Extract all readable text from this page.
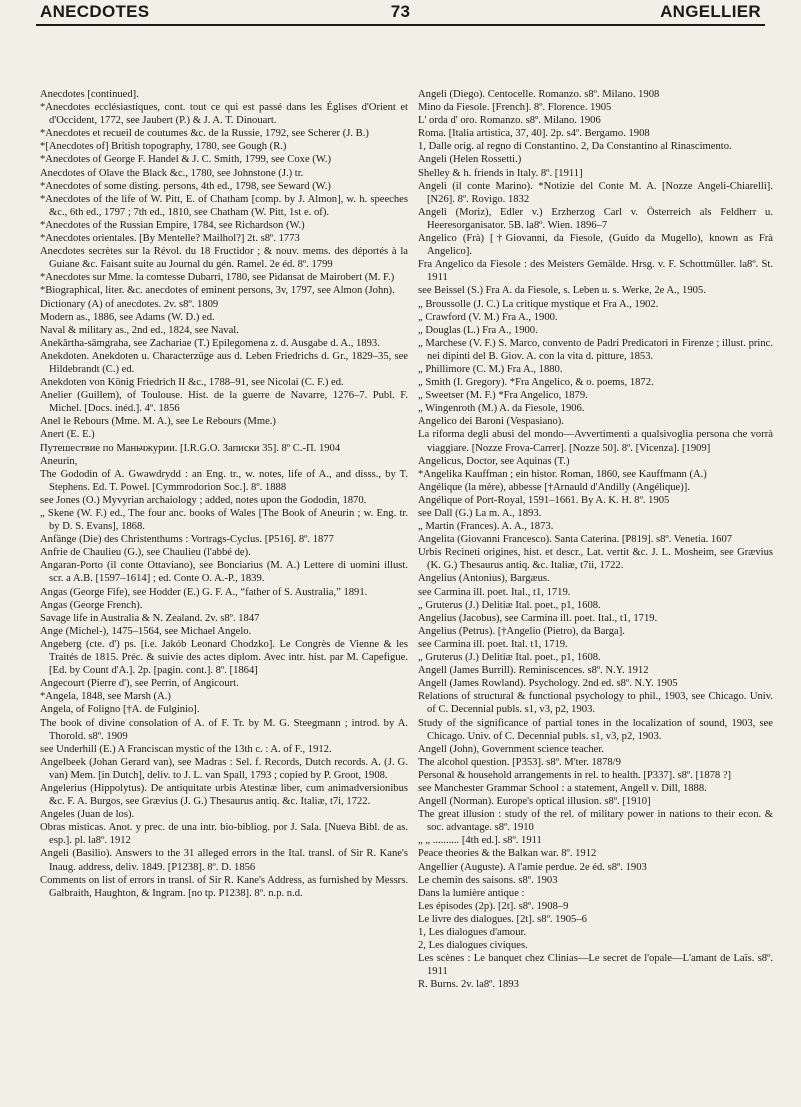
ANECDOTES	73	ANGELLIER

Anecdotes [continued].

*Anecdotes ecclésiastiques, cont. tout ce qui est passé dans les Églises d'Orient et d'Occident, 1772, see Jaubert (P.) & J. A. T. Dinouart.

*Anecdotes et recueil de coutumes &c. de la Russie, 1792, see Scherer (J. B.)

*[Anecdotes of] British topography, 1780, see Gough (R.)

*Anecdotes of George F. Handel & J. C. Smith, 1799, see Coxe (W.)

Anecdotes of Olave the Black &c., 1780, see Johnstone (J.) tr.

*Anecdotes of some disting. persons, 4th ed., 1798, see Seward (W.)

*Anecdotes of the life of W. Pitt, E. of Chatham [comp. by J. Almon], w. h. speeches &c., 6th ed., 1797 ; 7th ed., 1810, see Chatham (W. Pitt, 1st e. of).

*Anecdotes of the Russian Empire, 1784, see Richardson (W.)

*Anecdotes orientales. [By Mentelle? Mailhol?] 2t. s8º. 1773

Anecdotes secrètes sur la Révol. du 18 Fructidor ; & nouv. mems. des déportés à la Guiane &c. Faisant suite au Journal du gén. Ramel. 2e éd. 8º. 1799

*Anecdotes sur Mme. la comtesse Dubarri, 1780, see Pidansat de Mairobert (M. F.)

*Biographical, liter. &c. anecdotes of eminent persons, 3v, 1797, see Almon (John).

Dictionary (A) of anecdotes. 2v. s8º. 1809

Modern as., 1886, see Adams (W. D.) ed.

Naval & military as., 2nd ed., 1824, see Naval.

Anekārtha-sāmgraha, see Zachariae (T.) Epilegomena z. d. Ausgabe d. A., 1893.

Anekdoten. Anekdoten u. Characterzüge aus d. Leben Friedrichs d. Gr., 1829–35, see Hildebrandt (C.) ed.

Anekdoten von König Friedrich II &c., 1788–91, see Nicolai (C. F.) ed.

Anelier (Guillem), of Toulouse. Hist. de la guerre de Navarre, 1276–7. Publ. F. Michel. [Docs. inéd.]. 4º. 1856

Anel le Rebours (Mme. M. A.), see Le Rebours (Mme.)

Anert (E. E.)

Путешествие по Маньчжурии. [I.R.G.O. Записки 35]. 8º С.-П. 1904

Aneurin,

The Gododin of A. Gwawdrydd : an Eng. tr., w. notes, life of A., and disss., by T. Stephens. Ed. T. Powel. [Cymmrodorion Soc.]. 8º. 1888

see Jones (O.) Myvyrian archaiology ; added, notes upon the Gododin, 1870.

„ Skene (W. F.) ed., The four anc. books of Wales [The Book of Aneurin ; w. Eng. tr. by D. S. Evans], 1868.

Anfänge (Die) des Christenthums : Vortrags-Cyclus. [P516]. 8º. 1877

Anfrie de Chaulieu (G.), see Chaulieu (l'abbé de).

Angaran-Porto (il conte Ottaviano), see Bonciarius (M. A.) Lettere di uomini illust. scr. a A.B. [1597–1614] ; ed. Conte O. A.-P., 1839.

Angas (George Fife), see Hodder (E.) G. F. A., “father of S. Australia,” 1891.

Angas (George French).

Savage life in Australia & N. Zealand. 2v. s8º. 1847

Ange (Michel-), 1475–1564, see Michael Angelo.

Angeberg (cte. d') ps. [i.e. Jakób Leonard Chodzko]. Le Congrès de Vienne & les Traités de 1815. Préc. & suivie des actes diplom. Avec intr. hist. par M. Capefigue. [Ed. by Count d'A.]. 2p. [pagin. cont.]. 8º. [1864]

Angecourt (Pierre d'), see Perrin, of Angicourt.

*Angela, 1848, see Marsh (A.)

Angela, of Foligno [†A. de Fulginio].

The book of divine consolation of A. of F. Tr. by M. G. Steegmann ; introd. by A. Thorold. s8º. 1909

see Underhill (E.) A Franciscan mystic of the 13th c. : A. of F., 1912.

Angelbeek (Johan Gerard van), see Madras : Sel. f. Records, Dutch records. A. (J. G. van) Mem. [in Dutch], deliv. to J. L. van Spall, 1793 ; copied by P. Groot, 1908.

Angelerius (Hippolytus). De antiquitate urbis Atestinæ liber, cum animadversionibus &c. F. A. Burgos, see Grævius (J. G.) Thesaurus antiq. &c. Italiæ, t7i, 1722.

Angeles (Juan de los).

Obras misticas. Anot. y prec. de una intr. bio-bibliog. por J. Sala. [Nueva Bibl. de as. esp.]. pl. la8º. 1912

Angeli (Basilio). Answers to the 31 alleged errors in the Ital. transl. of Sir R. Kane's Inaug. address, deliv. 1849. [P1238]. 8º. D. 1856

Comments on list of errors in transl. of Sir R. Kane's Address, as furnished by Messrs. Galbraith, Haughton, & Ingram. [no tp. P1238]. 8º. n.p. n.d.

Angeli (Diego). Centocelle. Romanzo. s8º. Milano. 1908

Mino da Fiesole. [French]. 8º. Florence. 1905

L' orda d' oro. Romanzo. s8º. Milano. 1906

Roma. [Italia artistica, 37, 40]. 2p. s4º. Bergamo. 1908

1, Dalle orig. al regno di Constantino. 2, Da Constantino al Rinascimento.

Angeli (Helen Rossetti.)

Shelley & h. friends in Italy. 8º. [1911]

Angeli (il conte Marino). *Notizie del Conte M. A. [Nozze Angeli-Chiarelli]. [N26]. 8º. Rovigo. 1832

Angeli (Moriz), Edler v.) Erzherzog Carl v. Österreich als Feldherr u. Heeresorganisator. 5B. la8º. Wien. 1896–7

Angelico (Frà) [†Giovanni, da Fiesole, (Guido da Mugello), known as Frà Angelico].

Fra Angelico da Fiesole : des Meisters Gemälde. Hrsg. v. F. Schottmüller. la8º. St. 1911

see Beissel (S.) Fra A. da Fiesole, s. Leben u. s. Werke, 2e A., 1905.

„ Broussolle (J. C.) La critique mystique et Fra A., 1902.

„ Crawford (V. M.) Fra A., 1900.

„ Douglas (L.) Fra A., 1900.

„ Marchese (V. F.) S. Marco, convento de Padri Predicatori in Firenze ; illust. princ. nei dipinti del B. Giov. A. con la vita d. pitture, 1853.

„ Phillimore (C. M.) Fra A., 1880.

„ Smith (I. Gregory). *Fra Angelico, & o. poems, 1872.

„ Sweetser (M. F.) *Fra Angelico, 1879.

„ Wingenroth (M.) A. da Fiesole, 1906.

Angelico dei Baroni (Vespasiano).

La riforma degli abusi del mondo—Avvertimenti a qualsivoglia persona che vorrà viaggiare. [Nozze Frova-Carrer]. [Nozze 50]. 8º. [Vicenza]. [1909]

Angelicus, Doctor, see Aquinas (T.)

*Angelika Kauffman ; ein histor. Roman, 1860, see Kauffmann (A.)

Angélique (la mère), abbesse [†Arnauld d'Andilly (Angélique)].

Angélique of Port-Royal, 1591–1661. By A. K. H. 8º. 1905

see Dall (G.) La m. A., 1893.

„ Martin (Frances). A. A., 1873.

Angelita (Giovanni Francesco). Santa Caterina. [P819]. s8º. Venetia. 1607

Urbis Recineti origines, hist. et descr., Lat. vertit &c. J. L. Mosheim, see Grævius (K. G.) Thesaurus antiq. &c. Italiæ, t7ii, 1722.

Angelius (Antonius), Bargæus.

see Carmina ill. poet. Ital., t1, 1719.

„ Gruterus (J.) Delitiæ Ital. poet., p1, 1608.

Angelius (Jacobus), see Carmina ill. poet. Ital., t1, 1719.

Angelius (Petrus). [†Angelio (Pietro), da Barga].

see Carmina ill. poet. Ital. t1, 1719.

„ Gruterus (J.) Delitiæ Ital. poet., p1, 1608.

Angell (James Burrill). Reminiscences. s8º. N.Y. 1912

Angell (James Rowland). Psychology. 2nd ed. s8º. N.Y. 1905

Relations of structural & functional psychology to phil., 1903, see Chicago. Univ. of C. Decennial publs. s1, v3, p2, 1903.

Study of the significance of partial tones in the localization of sound, 1903, see Chicago. Univ. of C. Decennial publs. s1, v3, p2, 1903.

Angell (John), Government science teacher.

The alcohol question. [P353]. s8º. M'ter. 1878/9

Personal & household arrangements in rel. to health. [P337]. s8º. [1878 ?]

see Manchester Grammar School : a statement, Angell v. Dill, 1888.

Angell (Norman). Europe's optical illusion. s8º. [1910]

The great illusion : study of the rel. of military power in nations to their econ. & soc. advantage. s8º. 1910

„ „ .......... [4th ed.]. s8º. 1911

Peace theories & the Balkan war. 8º. 1912

Angellier (Auguste). A l'amie perdue. 2e éd. s8º. 1903

Le chemin des saisons. s8º. 1903

Dans la lumière antique :

Les épisodes (2p). [2t]. s8º. 1908–9

Le livre des dialogues. [2t]. s8º. 1905–6

1, Les dialogues d'amour.

2, Les dialogues civiques.

Les scènes : Le banquet chez Clinias—Le secret de l'opale—L'amant de Laïs. s8º. 1911

R. Burns. 2v. la8º. 1893
